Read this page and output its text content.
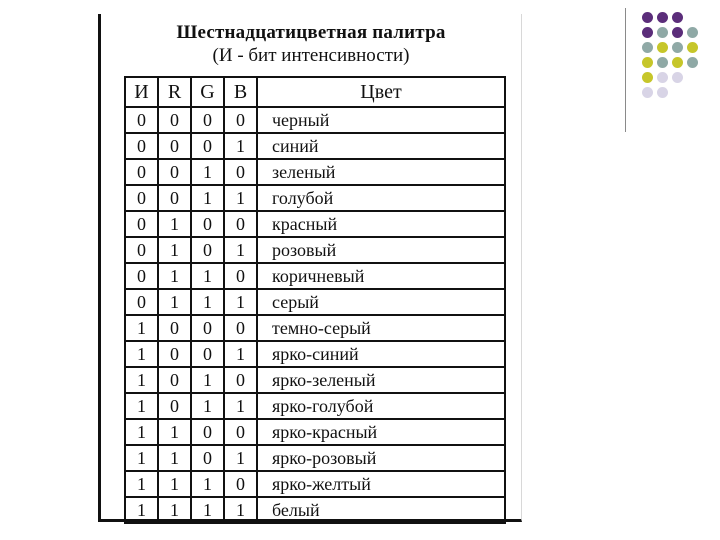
Шестнадцатицветная палитра
(И - бит интенсивности)
И	R	G	B	Цвет
0	0	0	0	черный
0	0	0	1	синий
0	0	1	0	зеленый
0	0	1	1	голубой
0	1	0	0	красный
0	1	0	1	розовый
0	1	1	0	коричневый
0	1	1	1	серый
1	0	0	0	темно-серый
1	0	0	1	ярко-синий
1	0	1	0	ярко-зеленый
1	0	1	1	ярко-голубой
1	1	0	0	ярко-красный
1	1	0	1	ярко-розовый
1	1	1	0	ярко-желтый
1	1	1	1	белый
